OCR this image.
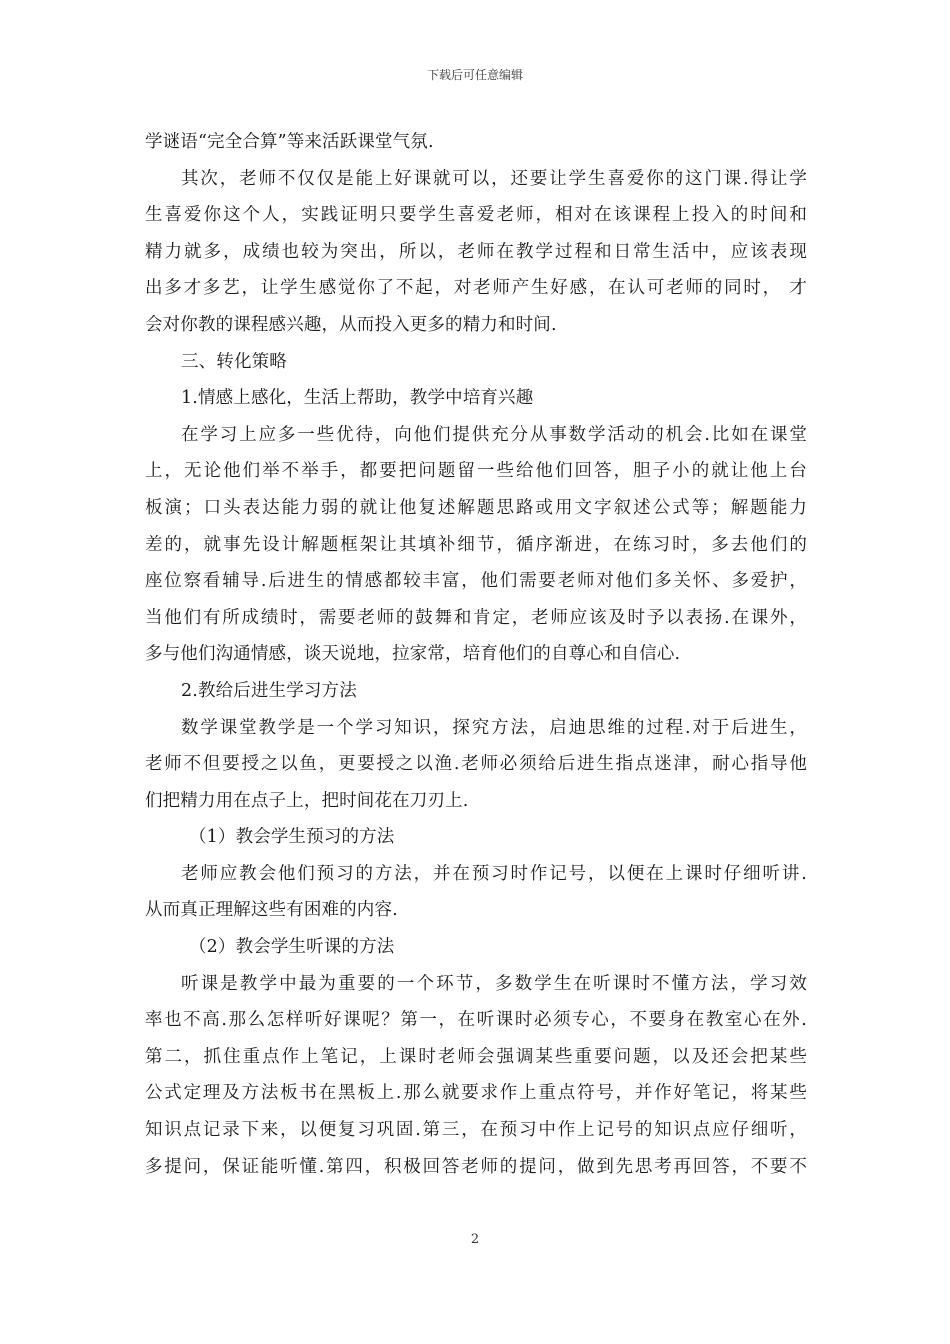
下载后可任意编辑
学谜语“完全合算”等来活跃课堂气氛.
其次，老师不仅仅是能上好课就可以，还要让学生喜爱你的这门课.得让学
生喜爱你这个人，实践证明只要学生喜爱老师，相对在该课程上投入的时间和
精力就多，成绩也较为突出，所以，老师在教学过程和日常生活中，应该表现
出多才多艺，让学生感觉你了不起，对老师产生好感，在认可老师的同时， 才
会对你教的课程感兴趣，从而投入更多的精力和时间.
三、转化策略
1.情感上感化，生活上帮助，教学中培育兴趣
在学习上应多一些优待，向他们提供充分从事数学活动的机会.比如在课堂
上，无论他们举不举手，都要把问题留一些给他们回答，胆子小的就让他上台
板演；口头表达能力弱的就让他复述解题思路或用文字叙述公式等；解题能力
差的，就事先设计解题框架让其填补细节，循序渐进，在练习时，多去他们的
座位察看辅导.后进生的情感都较丰富，他们需要老师对他们多关怀、多爱护，
当他们有所成绩时，需要老师的鼓舞和肯定，老师应该及时予以表扬.在课外，
多与他们沟通情感，谈天说地，拉家常，培育他们的自尊心和自信心.
2.教给后进生学习方法
数学课堂教学是一个学习知识，探究方法，启迪思维的过程.对于后进生，
老师不但要授之以鱼，更要授之以渔.老师必须给后进生指点迷津，耐心指导他
们把精力用在点子上，把时间花在刀刃上.
（1）教会学生预习的方法
老师应教会他们预习的方法，并在预习时作记号，以便在上课时仔细听讲.
从而真正理解这些有困难的内容.
（2）教会学生听课的方法
听课是教学中最为重要的一个环节，多数学生在听课时不懂方法，学习效
率也不高.那么怎样听好课呢？第一，在听课时必须专心，不要身在教室心在外.
第二，抓住重点作上笔记，上课时老师会强调某些重要问题，以及还会把某些
公式定理及方法板书在黑板上.那么就要求作上重点符号，并作好笔记，将某些
知识点记录下来，以便复习巩固.第三，在预习中作上记号的知识点应仔细听，
多提问，保证能听懂.第四，积极回答老师的提问，做到先思考再回答，不要不
2
